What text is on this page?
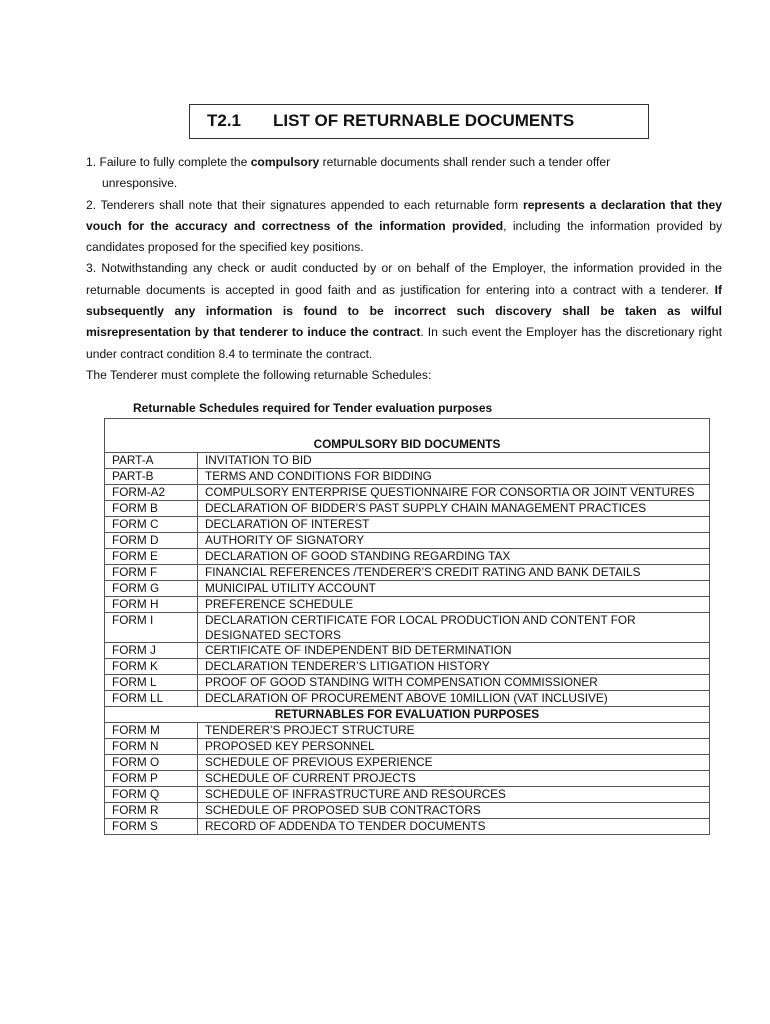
T2.1 LIST OF RETURNABLE DOCUMENTS

1. Failure to fully complete the compulsory returnable documents shall render such a tender offer

unresponsive.

2. Tenderers shall note that their signatures appended to each returnable form represents a declaration that they vouch for the accuracy and correctness of the information provided, including the information provided by candidates proposed for the specified key positions.

3. Notwithstanding any check or audit conducted by or on behalf of the Employer, the information provided in the returnable documents is accepted in good faith and as justification for entering into a contract with a tenderer. If subsequently any information is found to be incorrect such discovery shall be taken as wilful misrepresentation by that tenderer to induce the contract. In such event the Employer has the discretionary right under contract condition 8.4 to terminate the contract.

The Tenderer must complete the following returnable Schedules:

Returnable Schedules required for Tender evaluation purposes
COMPULSORY BID DOCUMENTS	
PART-A	INVITATION TO BID
PART-B	TERMS AND CONDITIONS FOR BIDDING
FORM-A2	COMPULSORY ENTERPRISE QUESTIONNAIRE FOR CONSORTIA OR JOINT VENTURES
FORM B	DECLARATION OF BIDDER’S PAST SUPPLY CHAIN MANAGEMENT PRACTICES
FORM C	DECLARATION OF INTEREST
FORM D	AUTHORITY OF SIGNATORY
FORM E	DECLARATION OF GOOD STANDING REGARDING TAX
FORM F	FINANCIAL REFERENCES /TENDERER’S CREDIT RATING AND BANK DETAILS
FORM G	MUNICIPAL UTILITY ACCOUNT
FORM H	PREFERENCE SCHEDULE
FORM I	DECLARATION CERTIFICATE FOR LOCAL PRODUCTION AND CONTENT FOR DESIGNATED SECTORS
FORM J	CERTIFICATE OF INDEPENDENT BID DETERMINATION
FORM K	DECLARATION TENDERER’S LITIGATION HISTORY
FORM L	PROOF OF GOOD STANDING WITH COMPENSATION COMMISSIONER
FORM LL	DECLARATION OF PROCUREMENT ABOVE 10MILLION (VAT INCLUSIVE)
RETURNABLES FOR EVALUATION PURPOSES	
FORM M	TENDERER’S PROJECT STRUCTURE
FORM N	PROPOSED KEY PERSONNEL
FORM O	SCHEDULE OF PREVIOUS EXPERIENCE
FORM P	SCHEDULE OF CURRENT PROJECTS
FORM Q	SCHEDULE OF INFRASTRUCTURE AND RESOURCES
FORM R	SCHEDULE OF PROPOSED SUB CONTRACTORS
FORM S	RECORD OF ADDENDA TO TENDER DOCUMENTS
